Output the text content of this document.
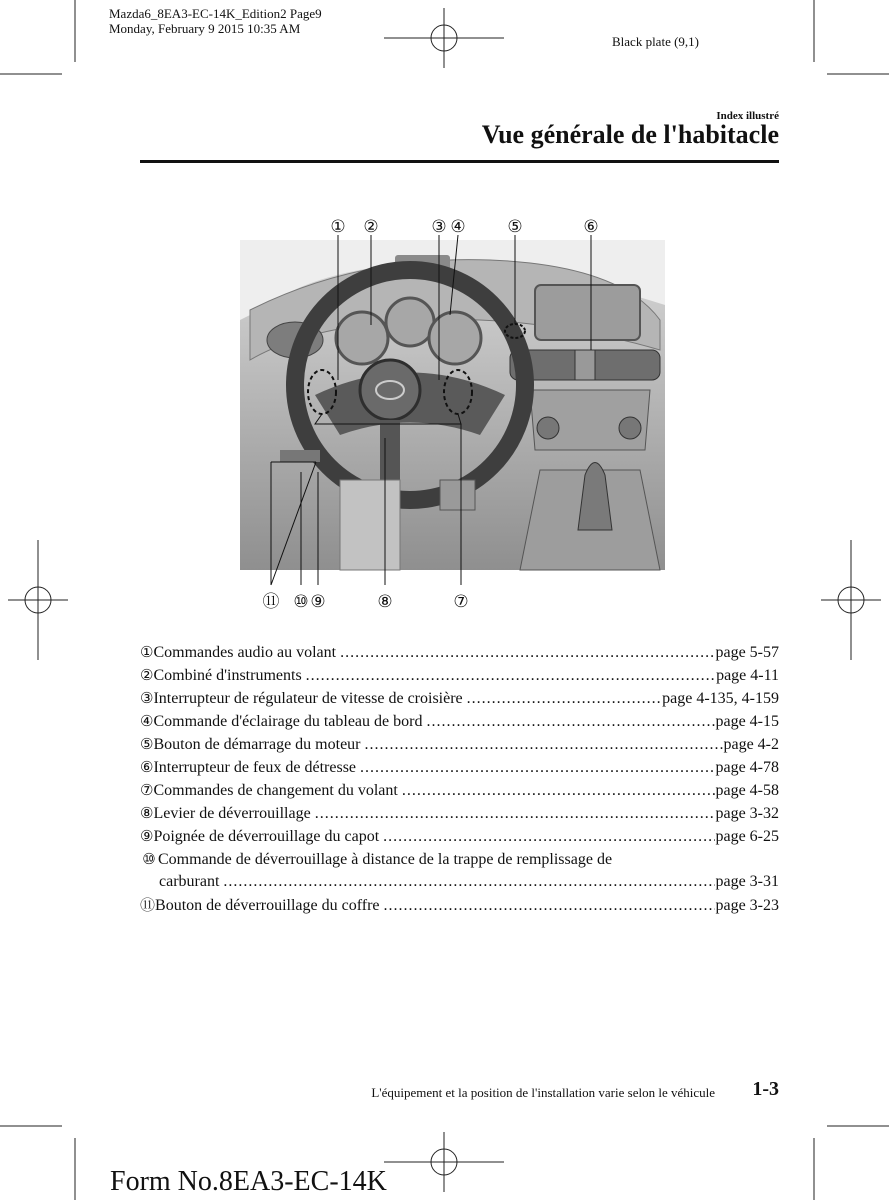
Mazda6_8EA3-EC-14K_Edition2 Page9
Monday, February 9 2015 10:35 AM
Black plate (9,1)
Index illustré
Vue générale de l'habitacle
① ②	③ ④ ⑤	⑥
⑪ ⑩ ⑨	⑧	⑦
① Commandes audio au volant .....	page 5-57
② Combiné d'instruments .....	page 4-11
③ Interrupteur de régulateur de vitesse de croisière .....	page 4-135, 4-159
④ Commande d'éclairage du tableau de bord .....	page 4-15
⑤ Bouton de démarrage du moteur .....	page 4-2
⑥ Interrupteur de feux de détresse .....	page 4-78
⑦ Commandes de changement du volant .....	page 4-58
⑧ Levier de déverrouillage .....	page 3-32
⑨ Poignée de déverrouillage du capot .....	page 6-25
⑩ Commande de déverrouillage à distance de la trappe de remplissage de
carburant .....	page 3-31
⑪ Bouton de déverrouillage du coffre .....	page 3-23
L'équipement et la position de l'installation varie selon le véhicule 1-3
Form No.8EA3-EC-14K
